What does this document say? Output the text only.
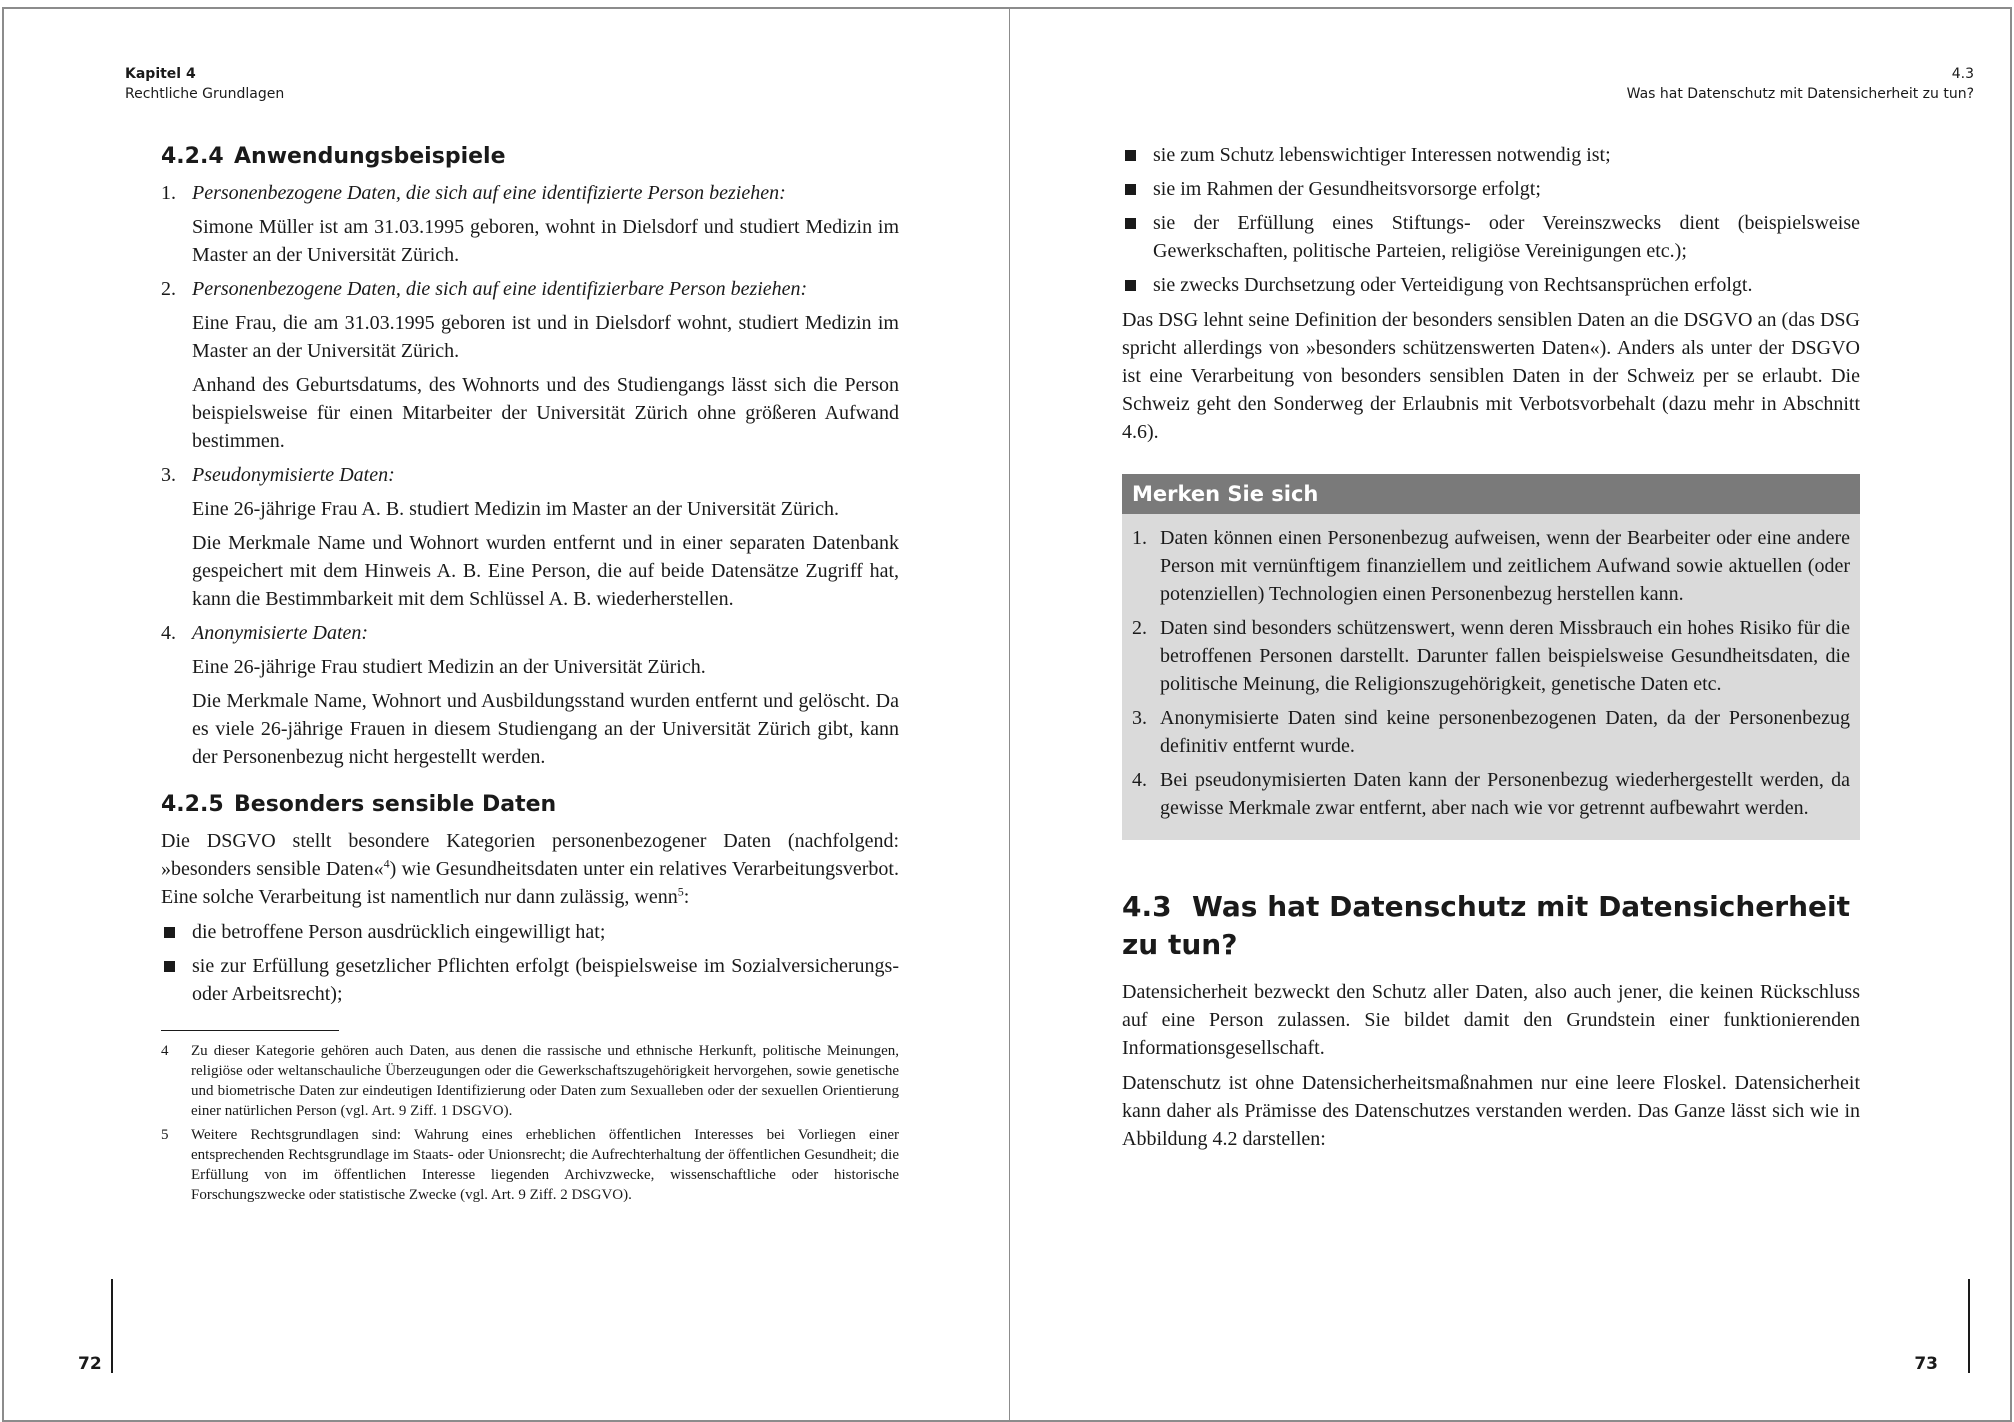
Kapitel 4
Rechtliche Grundlagen
4.2.4 Anwendungsbeispiele
1. Personenbezogene Daten, die sich auf eine identifizierte Person beziehen:

Simone Müller ist am 31.03.1995 geboren, wohnt in Dielsdorf und studiert Medizin im Master an der Universität Zürich.

2. Personenbezogene Daten, die sich auf eine identifizierbare Person beziehen:

Eine Frau, die am 31.03.1995 geboren ist und in Dielsdorf wohnt, studiert Medizin im Master an der Universität Zürich.

Anhand des Geburtsdatums, des Wohnorts und des Studiengangs lässt sich die Person beispielsweise für einen Mitarbeiter der Universität Zürich ohne größeren Aufwand bestimmen.

3. Pseudonymisierte Daten:

Eine 26-jährige Frau A. B. studiert Medizin im Master an der Universität Zürich.

Die Merkmale Name und Wohnort wurden entfernt und in einer separaten Datenbank gespeichert mit dem Hinweis A. B. Eine Person, die auf beide Datensätze Zugriff hat, kann die Bestimmbarkeit mit dem Schlüssel A. B. wiederherstellen.

4. Anonymisierte Daten:

Eine 26-jährige Frau studiert Medizin an der Universität Zürich.

Die Merkmale Name, Wohnort und Ausbildungsstand wurden entfernt und gelöscht. Da es viele 26-jährige Frauen in diesem Studiengang an der Universität Zürich gibt, kann der Personenbezug nicht hergestellt werden.

4.2.5 Besonders sensible Daten

Die DSGVO stellt besondere Kategorien personenbezogener Daten (nachfolgend: »besonders sensible Daten«$^4$) wie Gesundheitsdaten unter ein relatives Verarbeitungsverbot. Eine solche Verarbeitung ist namentlich nur dann zulässig, wenn$^5$:

die betroffene Person ausdrücklich eingewilligt hat;
sie zur Erfüllung gesetzlicher Pflichten erfolgt (beispielsweise im Sozialversicherungs- oder Arbeitsrecht);
4 Zu dieser Kategorie gehören auch Daten, aus denen die rassische und ethnische Herkunft, politische Meinungen, religiöse oder weltanschauliche Überzeugungen oder die Gewerkschaftszugehörigkeit hervorgehen, sowie genetische und biometrische Daten zur eindeutigen Identifizierung oder Daten zum Sexualleben oder der sexuellen Orientierung einer natürlichen Person (vgl. Art. 9 Ziff. 1 DSGVO).
5 Weitere Rechtsgrundlagen sind: Wahrung eines erheblichen öffentlichen Interesses bei Vorliegen einer entsprechenden Rechtsgrundlage im Staats- oder Unionsrecht; die Aufrechterhaltung der öffentlichen Gesundheit; die Erfüllung von im öffentlichen Interesse liegenden Archivzwecke, wissenschaftliche oder historische Forschungszwecke oder statistische Zwecke (vgl. Art. 9 Ziff. 2 DSGVO).
72
4.3
Was hat Datenschutz mit Datensicherheit zu tun?
sie zum Schutz lebenswichtiger Interessen notwendig ist;
sie im Rahmen der Gesundheitsvorsorge erfolgt;
sie der Erfüllung eines Stiftungs- oder Vereinszwecks dient (beispielsweise Gewerkschaften, politische Parteien, religiöse Vereinigungen etc.);
sie zwecks Durchsetzung oder Verteidigung von Rechtsansprüchen erfolgt.

Das DSG lehnt seine Definition der besonders sensiblen Daten an die DSGVO an (das DSG spricht allerdings von »besonders schützenswerten Daten«). Anders als unter der DSGVO ist eine Verarbeitung von besonders sensiblen Daten in der Schweiz per se erlaubt. Die Schweiz geht den Sonderweg der Erlaubnis mit Verbotsvorbehalt (dazu mehr in Abschnitt 4.6).

Merken Sie sich
1. Daten können einen Personenbezug aufweisen, wenn der Bearbeiter oder eine andere Person mit vernünftigem finanziellem und zeitlichem Aufwand sowie aktuellen (oder potenziellen) Technologien einen Personenbezug herstellen kann.
2. Daten sind besonders schützenswert, wenn deren Missbrauch ein hohes Risiko für die betroffenen Personen darstellt. Darunter fallen beispielsweise Gesundheitsdaten, die politische Meinung, die Religionszugehörigkeit, genetische Daten etc.
3. Anonymisierte Daten sind keine personenbezogenen Daten, da der Personenbezug definitiv entfernt wurde.
4. Bei pseudonymisierten Daten kann der Personenbezug wiederhergestellt werden, da gewisse Merkmale zwar entfernt, aber nach wie vor getrennt aufbewahrt werden.
4.3 Was hat Datenschutz mit Datensicherheit zu tun?

Datensicherheit bezweckt den Schutz aller Daten, also auch jener, die keinen Rückschluss auf eine Person zulassen. Sie bildet damit den Grundstein einer funktionierenden Informationsgesellschaft.

Datenschutz ist ohne Datensicherheitsmaßnahmen nur eine leere Floskel. Datensicherheit kann daher als Prämisse des Datenschutzes verstanden werden. Das Ganze lässt sich wie in Abbildung 4.2 darstellen:

73
